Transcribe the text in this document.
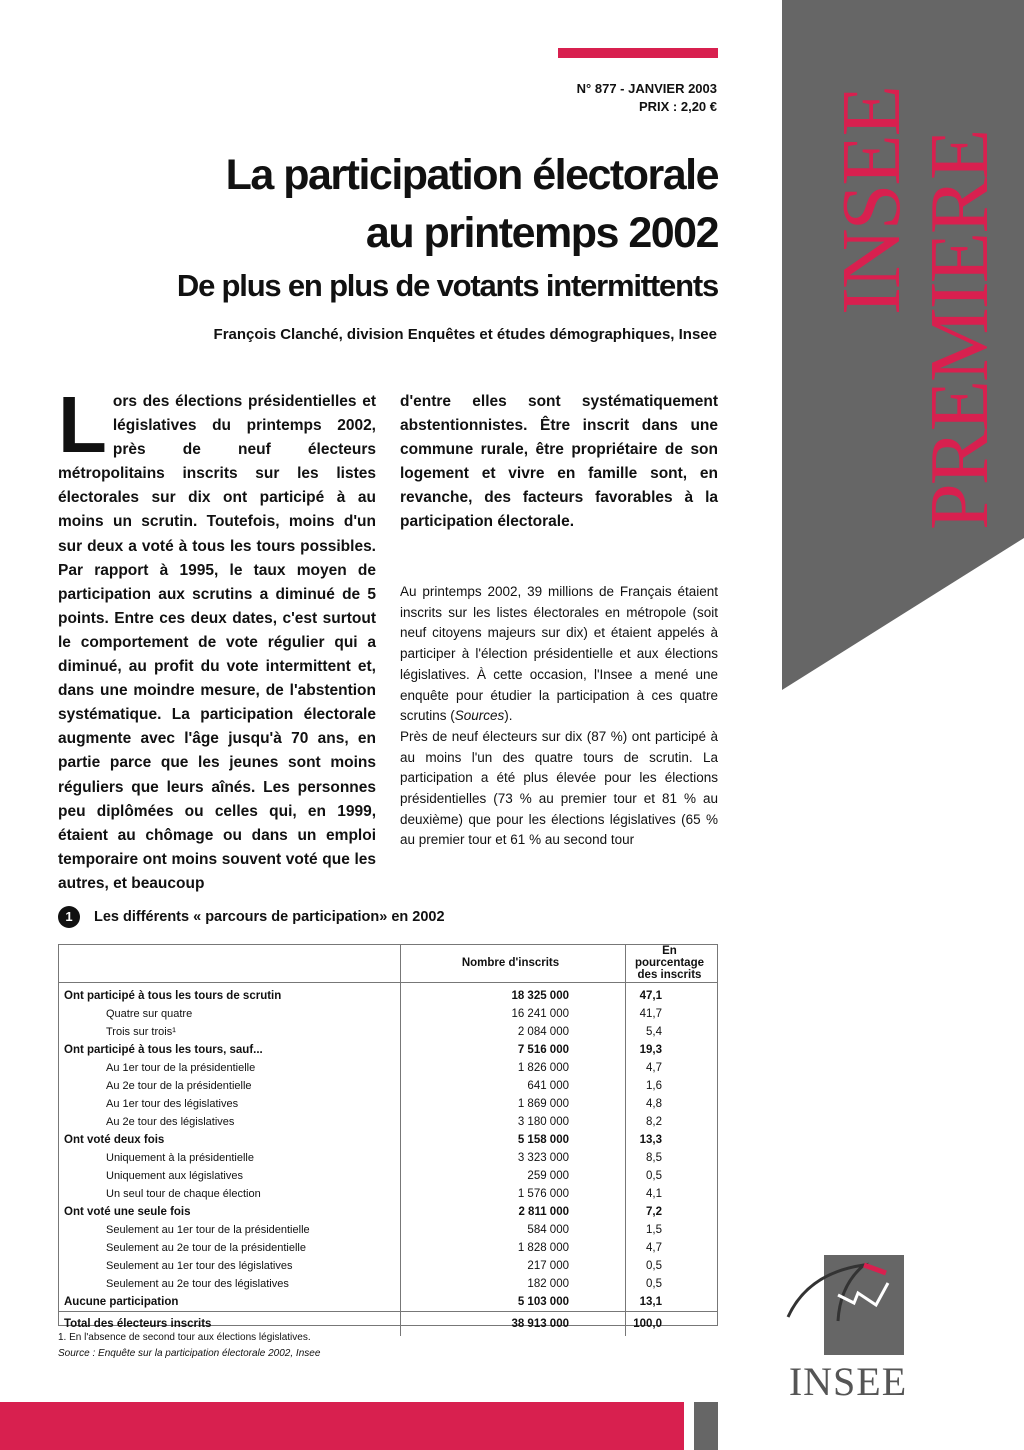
INSEE
PREMIERE
N° 877 - JANVIER 2003
PRIX : 2,20 €
La participation électorale
au printemps 2002
De plus en plus de votants intermittents
François Clanché, division Enquêtes et études démographiques, Insee
L ors des élections présidentielles et législatives du printemps 2002, près de neuf électeurs métropolitains inscrits sur les listes électorales sur dix ont participé à au moins un scrutin. Toutefois, moins d'un sur deux a voté à tous les tours possibles. Par rapport à 1995, le taux moyen de participation aux scrutins a diminué de 5 points. Entre ces deux dates, c'est surtout le comportement de vote régulier qui a diminué, au profit du vote intermittent et, dans une moindre mesure, de l'abstention systématique. La participation électorale augmente avec l'âge jusqu'à 70 ans, en partie parce que les jeunes sont moins réguliers que leurs aînés. Les personnes peu diplômées ou celles qui, en 1999, étaient au chômage ou dans un emploi temporaire ont moins souvent voté que les autres, et beaucoup
d'entre elles sont systématiquement abstentionnistes. Être inscrit dans une commune rurale, être propriétaire de son logement et vivre en famille sont, en revanche, des facteurs favorables à la participation électorale.

Au printemps 2002, 39 millions de Français étaient inscrits sur les listes électorales en métropole (soit neuf citoyens majeurs sur dix) et étaient appelés à participer à l'élection présidentielle et aux élections législatives. À cette occasion, l'Insee a mené une enquête pour étudier la participation à ces quatre scrutins (Sources).

Près de neuf électeurs sur dix (87 %) ont participé à au moins l'un des quatre tours de scrutin. La participation a été plus élevée pour les élections présidentielles (73 % au premier tour et 81 % au deuxième) que pour les élections législatives (65 % au premier tour et 61 % au second tour

1 Les différents « parcours de participation» en 2002
	Nombre d'inscrits	En pourcentage des inscrits
Ont participé à tous les tours de scrutin	18 325 000	47,1
Quatre sur quatre	16 241 000	41,7
Trois sur trois¹	2 084 000	5,4
Ont participé à tous les tours, sauf...	7 516 000	19,3
Au 1er tour de la présidentielle	1 826 000	4,7
Au 2e tour de la présidentielle	641 000	1,6
Au 1er tour des législatives	1 869 000	4,8
Au 2e tour des législatives	3 180 000	8,2
Ont voté deux fois	5 158 000	13,3
Uniquement à la présidentielle	3 323 000	8,5
Uniquement aux législatives	259 000	0,5
Un seul tour de chaque élection	1 576 000	4,1
Ont voté une seule fois	2 811 000	7,2
Seulement au 1er tour de la présidentielle	584 000	1,5
Seulement au 2e tour de la présidentielle	1 828 000	4,7
Seulement au 1er tour des législatives	217 000	0,5
Seulement au 2e tour des législatives	182 000	0,5
Aucune participation	5 103 000	13,1
Total des électeurs inscrits	38 913 000	100,0
1. En l'absence de second tour aux élections législatives.
Source : Enquête sur la participation électorale 2002, Insee
INSEE
